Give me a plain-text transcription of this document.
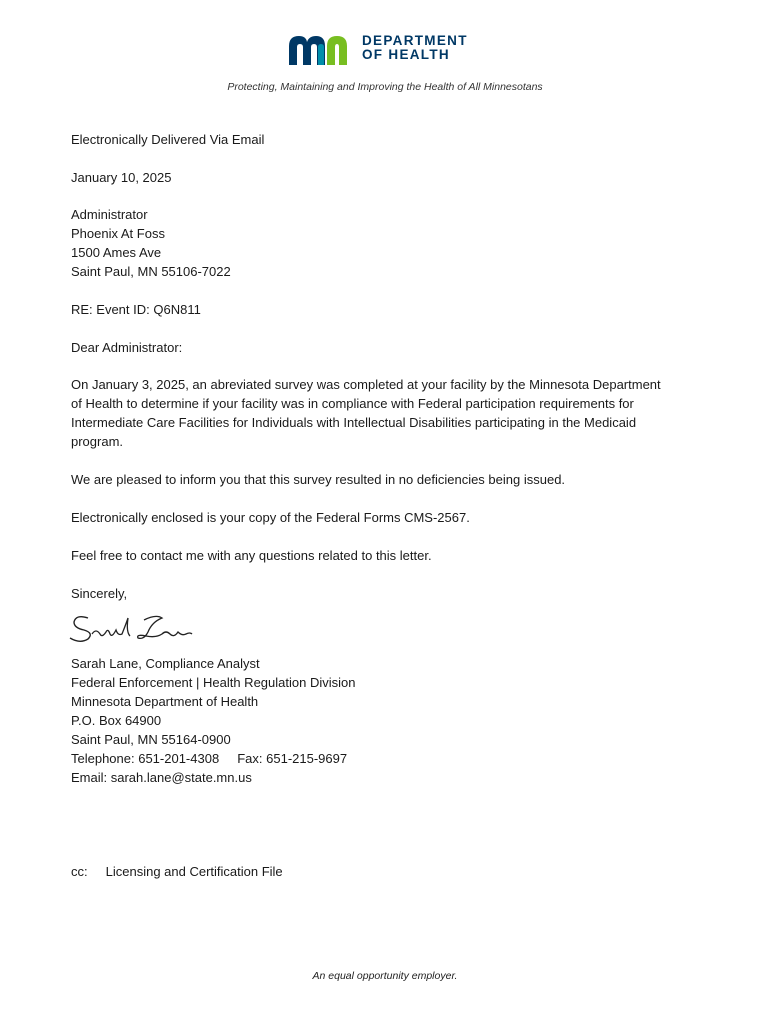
DEPARTMENT
OF HEALTH
Protecting, Maintaining and Improving the Health of All Minnesotans

Electronically Delivered Via Email

January 10, 2025

Administrator
Phoenix At Foss
1500 Ames Ave
Saint Paul, MN 55106-7022

RE: Event ID: Q6N811

Dear Administrator:

On January 3, 2025, an abreviated survey was completed at your facility by the Minnesota Department
of Health to determine if your facility was in compliance with Federal participation requirements for
Intermediate Care Facilities for Individuals with Intellectual Disabilities participating in the Medicaid
program.

We are pleased to inform you that this survey resulted in no deficiencies being issued.

Electronically enclosed is your copy of the Federal Forms CMS-2567.

Feel free to contact me with any questions related to this letter.

Sincerely,

Sarah Lane, Compliance Analyst
Federal Enforcement | Health Regulation Division
Minnesota Department of Health
P.O. Box 64900
Saint Paul, MN 55164-0900
Telephone: 651-201-4308     Fax: 651-215-9697
Email: sarah.lane@state.mn.us
cc: Licensing and Certification File
An equal opportunity employer.
